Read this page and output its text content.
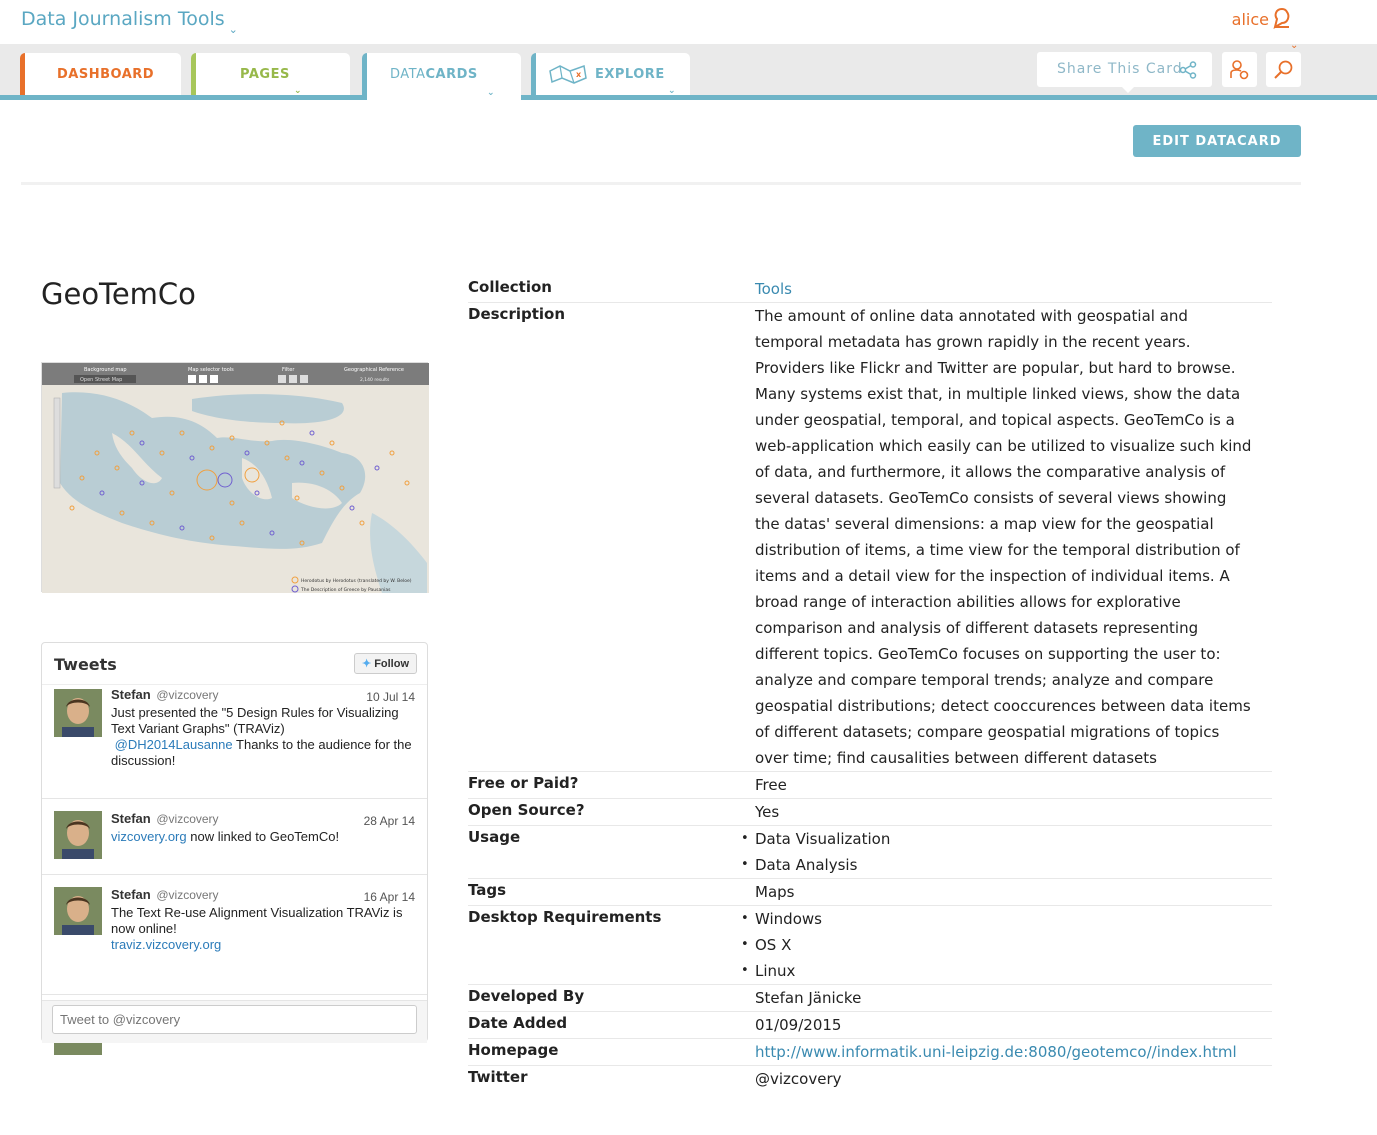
Data Journalism Tools $_⌄$
alice
DASHBOARD	PAGES
⌄
DATACARDS
⌄
x EXPLORE
⌄
Share This Card
⌄
EDIT DATACARD
GeoTemCo
Background map	Map selector tools	Filter	Geographical Reference
Open Street Map	2,140 results
Herodotus by Herodotus (translated by W. Beloe)
The Description of Greece by Pausanias
Tweets	✦ Follow
Stefan @vizcovery	10 Jul 14
Just presented the "5 Design Rules for Visualizing Text Variant Graphs" (TRAViz)
@DH2014Lausanne Thanks to the audience for the discussion!
Stefan @vizcovery	28 Apr 14
vizcovery.org now linked to GeoTemCo!
Stefan @vizcovery	16 Apr 14
The Text Re-use Alignment Visualization TRAViz is now online!
traviz.vizcovery.org
Tweet to @vizcovery
Collection	Tools
Description	The amount of online data annotated with geospatial and temporal metadata has grown rapidly in the recent years. Providers like Flickr and Twitter are popular, but hard to browse. Many systems exist that, in multiple linked views, show the data under geospatial, temporal, and topical aspects. GeoTemCo is a web-application which easily can be utilized to visualize such kind of data, and furthermore, it allows the comparative analysis of several datasets. GeoTemCo consists of several views showing the datas' several dimensions: a map view for the geospatial distribution of items, a time view for the temporal distribution of items and a detail view for the inspection of individual items. A broad range of interaction abilities allows for explorative comparison and analysis of different datasets representing different topics. GeoTemCo focuses on supporting the user to: analyze and compare temporal trends; analyze and compare geospatial distributions; detect cooccurences between data items of different datasets; compare geospatial migrations of topics over time; find causalities between different datasets
Free or Paid?	Free
Open Source?	Yes
Usage	• Data Visualization
• Data Analysis
Tags	Maps
Desktop Requirements	• Windows
• OS X
• Linux
Developed By	Stefan Jänicke
Date Added	01/09/2015
Homepage	http://www.informatik.uni-leipzig.de:8080/geotemco//index.html
Twitter	@vizcovery
